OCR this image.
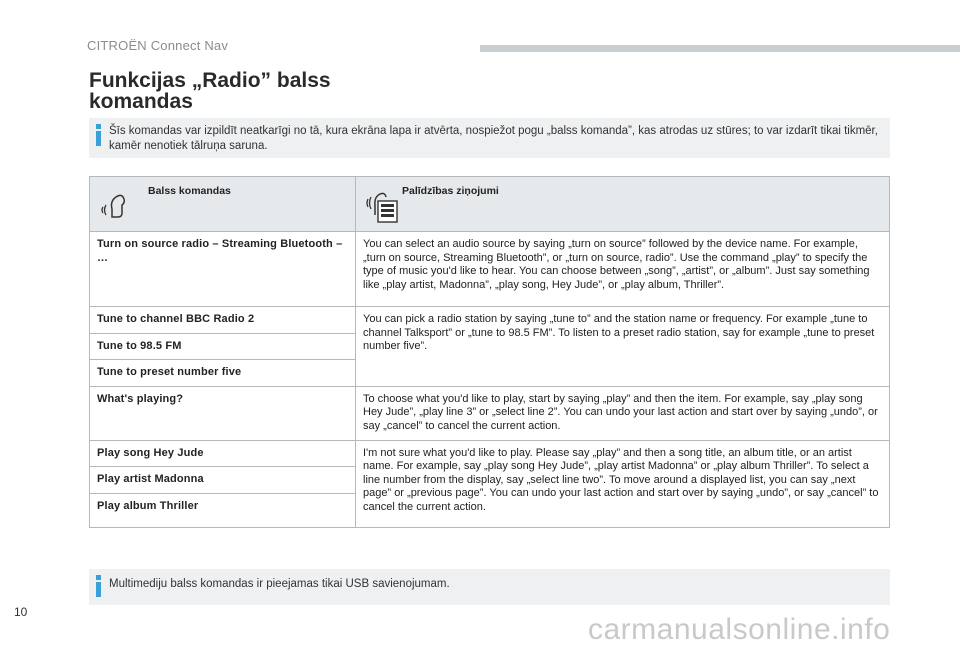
CITROËN Connect Nav
Funkcijas „Radio” balss
komandas
Šīs komandas var izpildīt neatkarīgi no tā, kura ekrāna lapa ir atvērta, nospiežot pogu „balss komanda”, kas atrodas uz stūres; to var izdarīt tikai tikmēr, kamēr nenotiek tālruņa saruna.
Balss komandas	Palīdzības ziņojumi

Turn on source radio – Streaming Bluetooth – …	You can select an audio source by saying „turn on source” followed by the device name. For example, „turn on source, Streaming Bluetooth”, or „turn on source, radio”. Use the command „play” to specify the type of music you'd like to hear. You can choose between „song”, „artist”, or „album”. Just say something like „play artist, Madonna”, „play song, Hey Jude”, or „play album, Thriller”.
Tune to channel BBC Radio 2	You can pick a radio station by saying „tune to” and the station name or frequency. For example „tune to channel Talksport” or „tune to 98.5 FM”. To listen to a preset radio station, say for example „tune to preset number five”.
Tune to 98.5 FM	
Tune to preset number five	
What's playing?	To choose what you'd like to play, start by saying „play” and then the item. For example, say „play song Hey Jude”, „play line 3” or „select line 2”. You can undo your last action and start over by saying „undo”, or say „cancel” to cancel the current action.
Play song Hey Jude	I'm not sure what you'd like to play. Please say „play” and then a song title, an album title, or an artist name. For example, say „play song Hey Jude”, „play artist Madonna” or „play album Thriller”. To select a line number from the display, say „select line two”. To move around a displayed list, you can say „next page” or „previous page”. You can undo your last action and start over by saying „undo”, or say „cancel” to cancel the current action.
Play artist Madonna	
Play album Thriller	
Multimediju balss komandas ir pieejamas tikai USB savienojumam.
10
carmanualsonline.info
